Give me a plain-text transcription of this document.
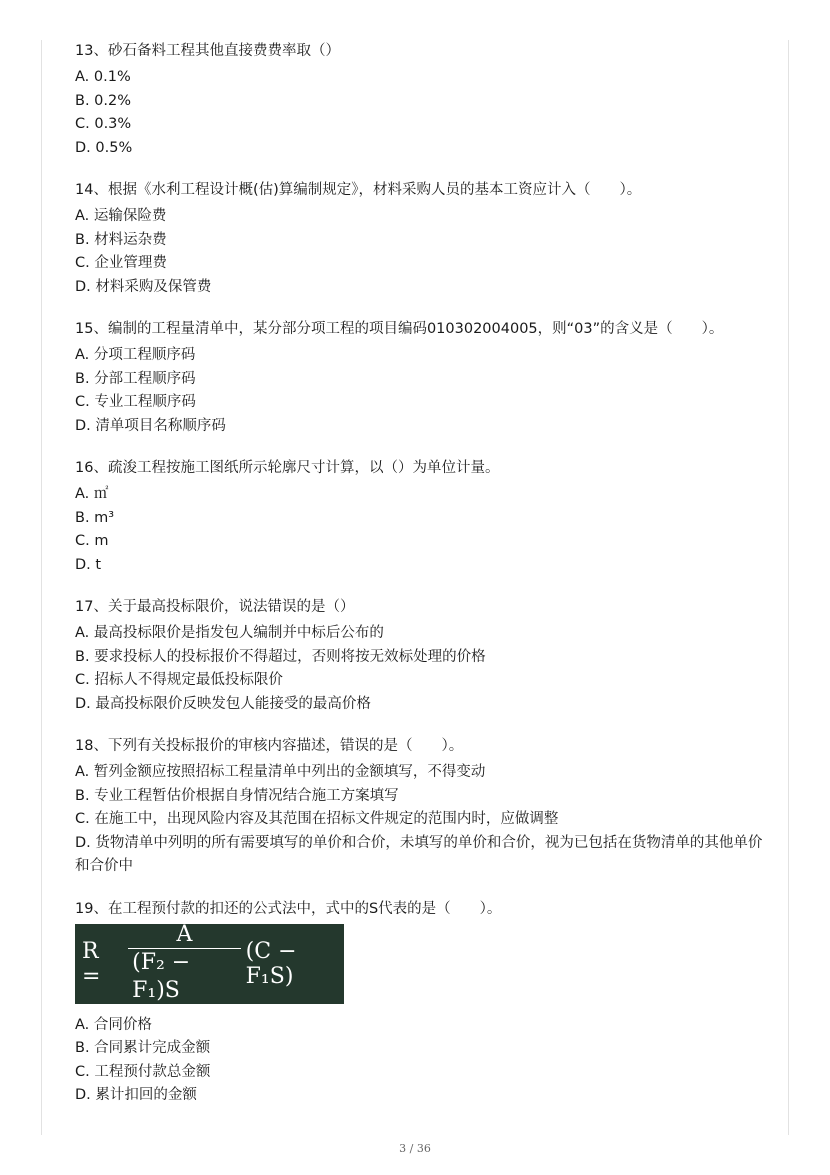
13、砂石备料工程其他直接费费率取（）
A. 0.1%
B. 0.2%
C. 0.3%
D. 0.5%
14、根据《水利工程设计概(估)算编制规定》，材料采购人员的基本工资应计入（　　）。
A. 运输保险费
B. 材料运杂费
C. 企业管理费
D. 材料采购及保管费
15、编制的工程量清单中，某分部分项工程的项目编码010302004005，则“03”的含义是（　　）。
A. 分项工程顺序码
B. 分部工程顺序码
C. 专业工程顺序码
D. 清单项目名称顺序码
16、疏浚工程按施工图纸所示轮廓尺寸计算，以（）为单位计量。
A. ㎡
B. m³
C. m
D. t
17、关于最高投标限价，说法错误的是（）
A. 最高投标限价是指发包人编制并中标后公布的
B. 要求投标人的投标报价不得超过，否则将按无效标处理的价格
C. 招标人不得规定最低投标限价
D. 最高投标限价反映发包人能接受的最高价格
18、下列有关投标报价的审核内容描述，错误的是（　　）。
A. 暂列金额应按照招标工程量清单中列出的金额填写，不得变动
B. 专业工程暂估价根据自身情况结合施工方案填写
C. 在施工中，出现风险内容及其范围在招标文件规定的范围内时，应做调整
D. 货物清单中列明的所有需要填写的单价和合价，未填写的单价和合价，视为已包括在货物清单的其他单价和合价中
19、在工程预付款的扣还的公式法中，式中的S代表的是（　　）。
R =	$\frac{A}{\text{(F₂ − F₁)S}} (C - F_1S)$
A. 合同价格
B. 合同累计完成金额
C. 工程预付款总金额
D. 累计扣回的金额
3 / 36
